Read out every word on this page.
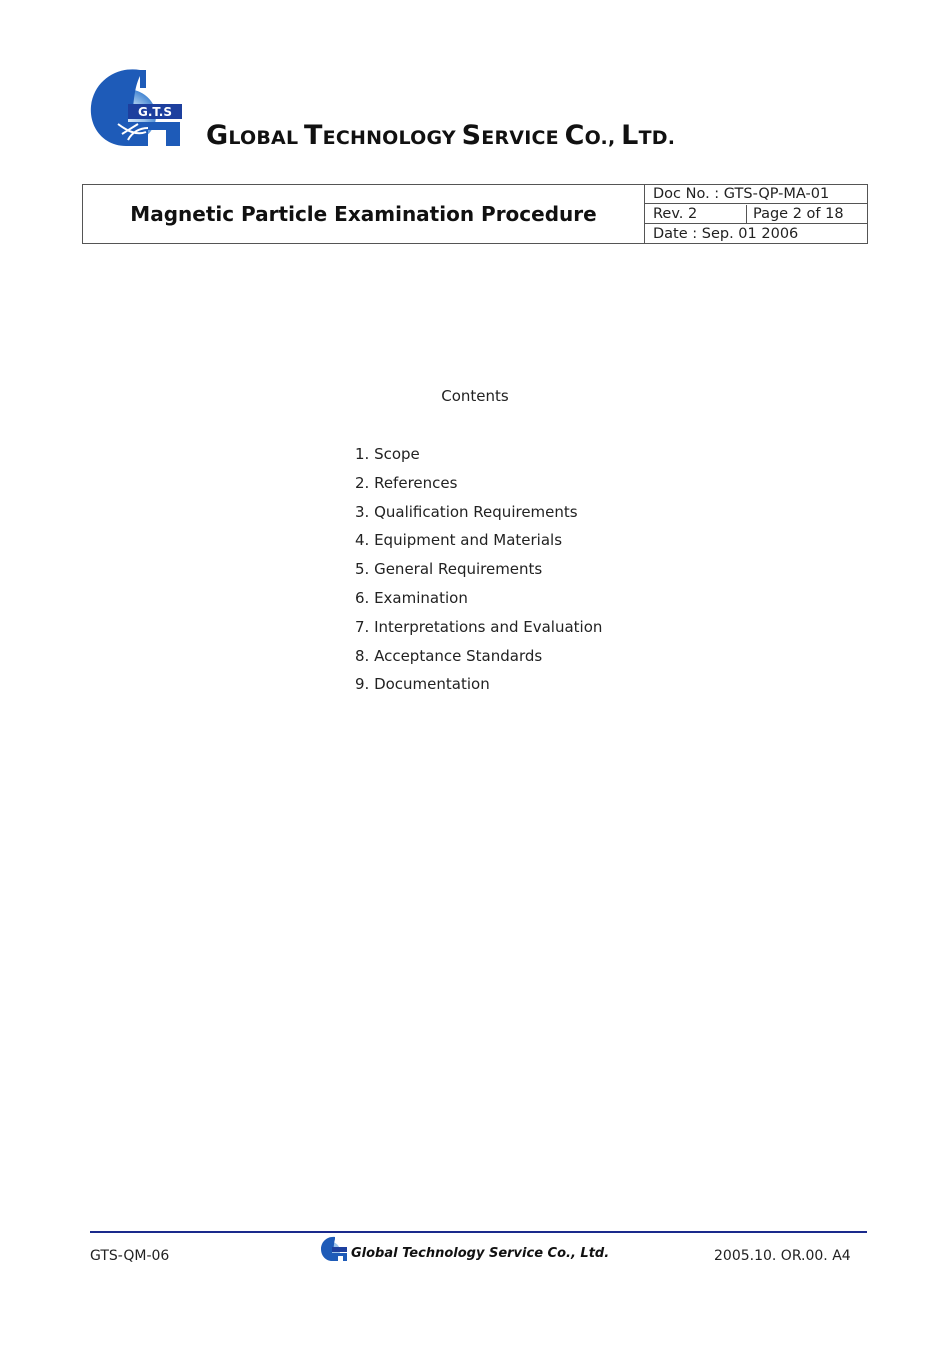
G.T.S
GLOBAL TECHNOLOGY SERVICE CO., LTD.
Magnetic Particle Examination Procedure
Doc No. : GTS-QP-MA-01
Rev. 2	Page 2 of 18
Date : Sep. 01 2006
Contents
1. Scope
2. References
3. Qualification Requirements
4. Equipment and Materials
5. General Requirements
6. Examination
7. Interpretations and Evaluation
8. Acceptance Standards
9. Documentation
GTS-QM-06	Global Technology Service Co., Ltd.	2005.10. OR.00. A4
